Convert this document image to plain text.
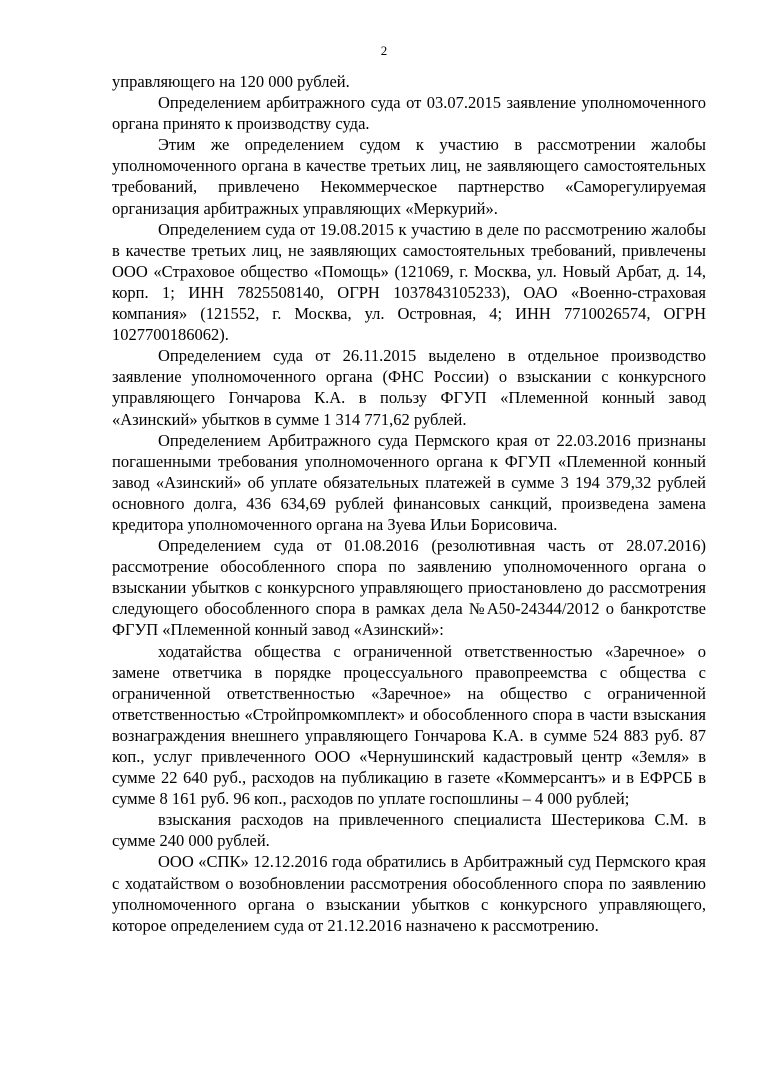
2

управляющего на 120 000 рублей.

Определением арбитражного суда от 03.07.2015 заявление уполномоченного органа принято к производству суда.

Этим же определением судом к участию в рассмотрении жалобы уполномоченного органа в качестве третьих лиц, не заявляющего самостоятельных требований, привлечено Некоммерческое партнерство «Саморегулируемая организация арбитражных управляющих «Меркурий».

Определением суда от 19.08.2015 к участию в деле по рассмотрению жалобы в качестве третьих лиц, не заявляющих самостоятельных требований, привлечены ООО «Страховое общество «Помощь» (121069, г. Москва, ул. Новый Арбат, д. 14, корп. 1; ИНН 7825508140, ОГРН 1037843105233), ОАО «Военно-страховая компания» (121552, г. Москва, ул. Островная, 4; ИНН 7710026574, ОГРН 1027700186062).

Определением суда от 26.11.2015 выделено в отдельное производство заявление уполномоченного органа (ФНС России) о взыскании с конкурсного управляющего Гончарова К.А. в пользу ФГУП «Племенной конный завод «Азинский» убытков в сумме 1 314 771,62 рублей.

Определением Арбитражного суда Пермского края от 22.03.2016 признаны погашенными требования уполномоченного органа к ФГУП «Племенной конный завод «Азинский» об уплате обязательных платежей в сумме 3 194 379,32 рублей основного долга, 436 634,69 рублей финансовых санкций, произведена замена кредитора уполномоченного органа на Зуева Ильи Борисовича.

Определением суда от 01.08.2016 (резолютивная часть от 28.07.2016) рассмотрение обособленного спора по заявлению уполномоченного органа о взыскании убытков с конкурсного управляющего приостановлено до рассмотрения следующего обособленного спора в рамках дела №А50-24344/2012 о банкротстве ФГУП «Племенной конный завод «Азинский»:

ходатайства общества с ограниченной ответственностью «Заречное» о замене ответчика в порядке процессуального правопреемства с общества с ограниченной ответственностью «Заречное» на общество с ограниченной ответственностью «Стройпромкомплект» и обособленного спора в части взыскания вознаграждения внешнего управляющего Гончарова К.А. в сумме 524 883 руб. 87 коп., услуг привлеченного ООО «Чернушинский кадастровый центр «Земля» в сумме 22 640 руб., расходов на публикацию в газете «Коммерсантъ» и в ЕФРСБ в сумме 8 161 руб. 96 коп., расходов по уплате госпошлины – 4 000 рублей;

взыскания расходов на привлеченного специалиста Шестерикова С.М. в сумме 240 000 рублей.

ООО «СПК» 12.12.2016 года обратились в Арбитражный суд Пермского края с ходатайством о возобновлении рассмотрения обособленного спора по заявлению уполномоченного органа о взыскании убытков с конкурсного управляющего, которое определением суда от 21.12.2016 назначено к рассмотрению.
